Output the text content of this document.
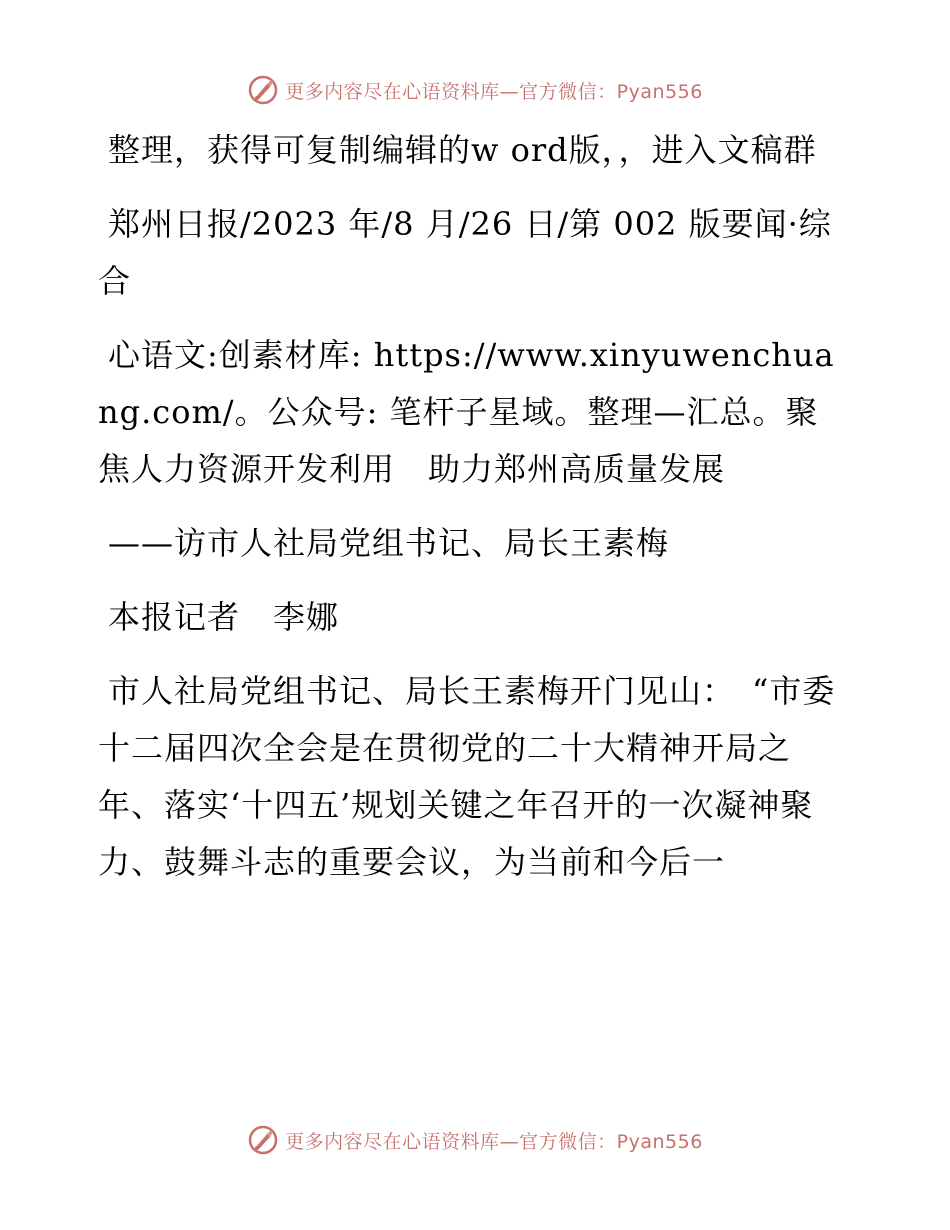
更多内容尽在心语资料库—官方微信：Pyan556

整理，获得可复制编辑的w ord版，，进入文稿群

郑州日报/2023 年/8 月/26 日/第 002 版要闻·综合

心语文:创素材库: https://www.xinyuwenchuang.com/。公众号: 笔杆子星域。整理—汇总。聚焦人力资源开发利用　助力郑州高质量发展

——访市人社局党组书记、局长王素梅

本报记者　李娜

市人社局党组书记、局长王素梅开门见山：　“市委十二届四次全会是在贯彻党的二十大精神开局之年、落实‘十四五’规划关键之年召开的一次凝神聚力、鼓舞斗志的重要会议，为当前和今后一

更多内容尽在心语资料库—官方微信：Pyan556
